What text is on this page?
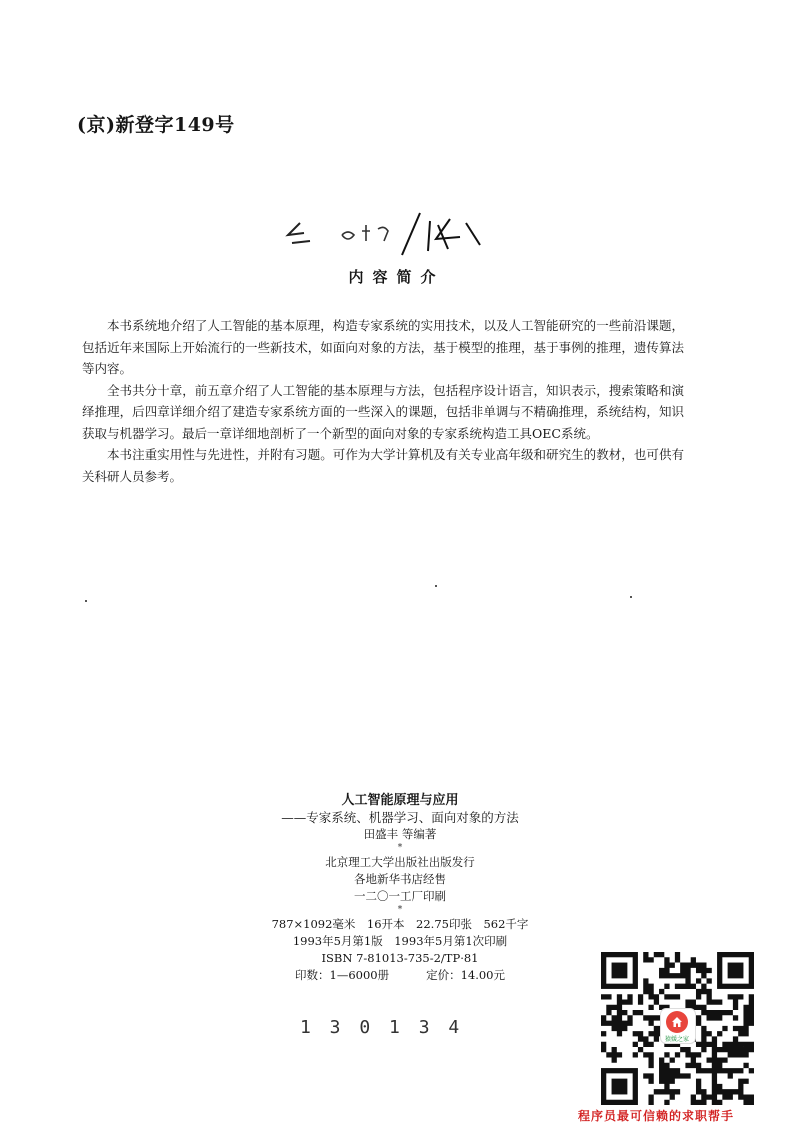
(京)新登字149号
内容简介

本书系统地介绍了人工智能的基本原理，构造专家系统的实用技术，以及人工智能研究的一些前沿课题，包括近年来国际上开始流行的一些新技术，如面向对象的方法，基于模型的推理，基于事例的推理，遗传算法等内容。

全书共分十章，前五章介绍了人工智能的基本原理与方法，包括程序设计语言，知识表示，搜索策略和演绎推理，后四章详细介绍了建造专家系统方面的一些深入的课题，包括非单调与不精确推理，系统结构，知识获取与机器学习。最后一章详细地剖析了一个新型的面向对象的专家系统构造工具OEC系统。

本书注重实用性与先进性，并附有习题。可作为大学计算机及有关专业高年级和研究生的教材，也可供有关科研人员参考。

人工智能原理与应用
——专家系统、机器学习、面向对象的方法
田盛丰 等编著
*
北京理工大学出版社出版发行
各地新华书店经售
一二〇一工厂印刷
*
787×1092毫米　16开本　22.75印张　562千字
1993年5月第1版　1993年5月第1次印刷
ISBN 7-81013-735-2/TP·81
印数：1—6000册	定价：14.00元
1 3 0 1 3 4
猿媛之家
程序员最可信赖的求职帮手
